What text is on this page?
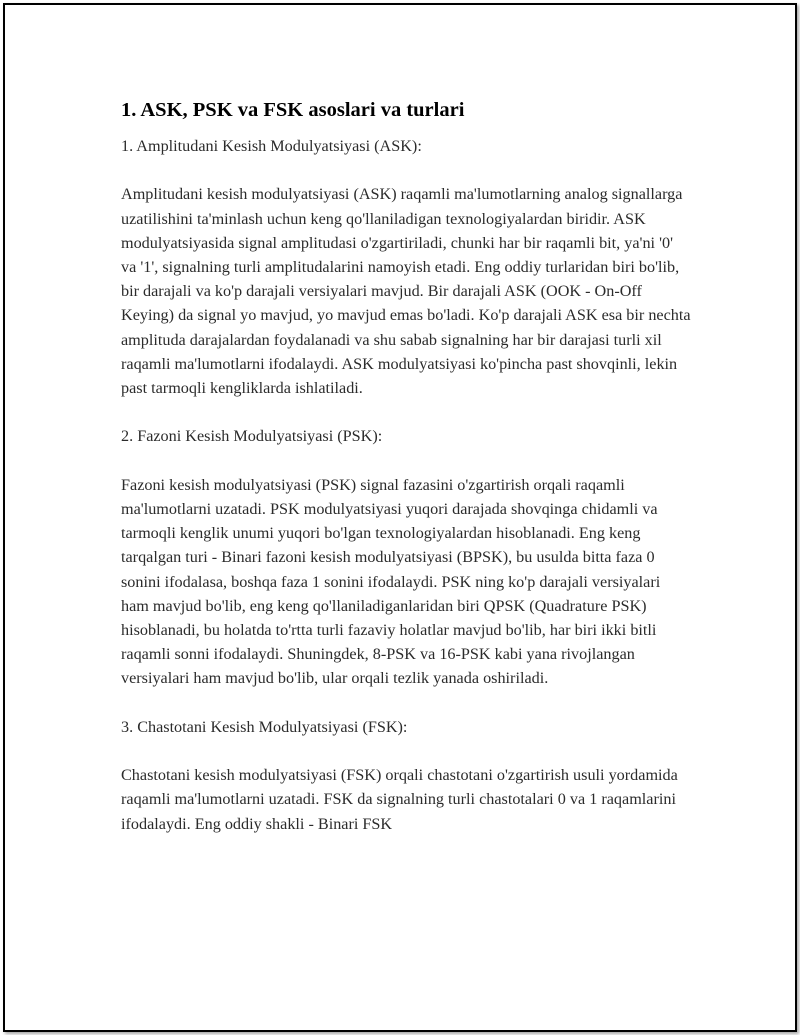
1. ASK, PSK va FSK asoslari va turlari

1. Amplitudani Kesish Modulyatsiyasi (ASK):

Amplitudani kesish modulyatsiyasi (ASK) raqamli ma'lumotlarning analog signallarga uzatilishini ta'minlash uchun keng qo'llaniladigan texnologiyalardan biridir. ASK modulyatsiyasida signal amplitudasi o'zgartiriladi, chunki har bir raqamli bit, ya'ni '0' va '1', signalning turli amplitudalarini namoyish etadi. Eng oddiy turlaridan biri bo'lib, bir darajali va ko'p darajali versiyalari mavjud. Bir darajali ASK (OOK - On-Off Keying) da signal yo mavjud, yo mavjud emas bo'ladi. Ko'p darajali ASK esa bir nechta amplituda darajalardan foydalanadi va shu sabab signalning har bir darajasi turli xil raqamli ma'lumotlarni ifodalaydi. ASK modulyatsiyasi ko'pincha past shovqinli, lekin past tarmoqli kengliklarda ishlatiladi.

2. Fazoni Kesish Modulyatsiyasi (PSK):

Fazoni kesish modulyatsiyasi (PSK) signal fazasini o'zgartirish orqali raqamli ma'lumotlarni uzatadi. PSK modulyatsiyasi yuqori darajada shovqinga chidamli va tarmoqli kenglik unumi yuqori bo'lgan texnologiyalardan hisoblanadi. Eng keng tarqalgan turi - Binari fazoni kesish modulyatsiyasi (BPSK), bu usulda bitta faza 0 sonini ifodalasa, boshqa faza 1 sonini ifodalaydi. PSK ning ko'p darajali versiyalari ham mavjud bo'lib, eng keng qo'llaniladiganlaridan biri QPSK (Quadrature PSK) hisoblanadi, bu holatda to'rtta turli fazaviy holatlar mavjud bo'lib, har biri ikki bitli raqamli sonni ifodalaydi. Shuningdek, 8-PSK va 16-PSK kabi yana rivojlangan versiyalari ham mavjud bo'lib, ular orqali tezlik yanada oshiriladi.

3. Chastotani Kesish Modulyatsiyasi (FSK):

Chastotani kesish modulyatsiyasi (FSK) orqali chastotani o'zgartirish usuli yordamida raqamli ma'lumotlarni uzatadi. FSK da signalning turli chastotalari 0 va 1 raqamlarini ifodalaydi. Eng oddiy shakli - Binari FSK
